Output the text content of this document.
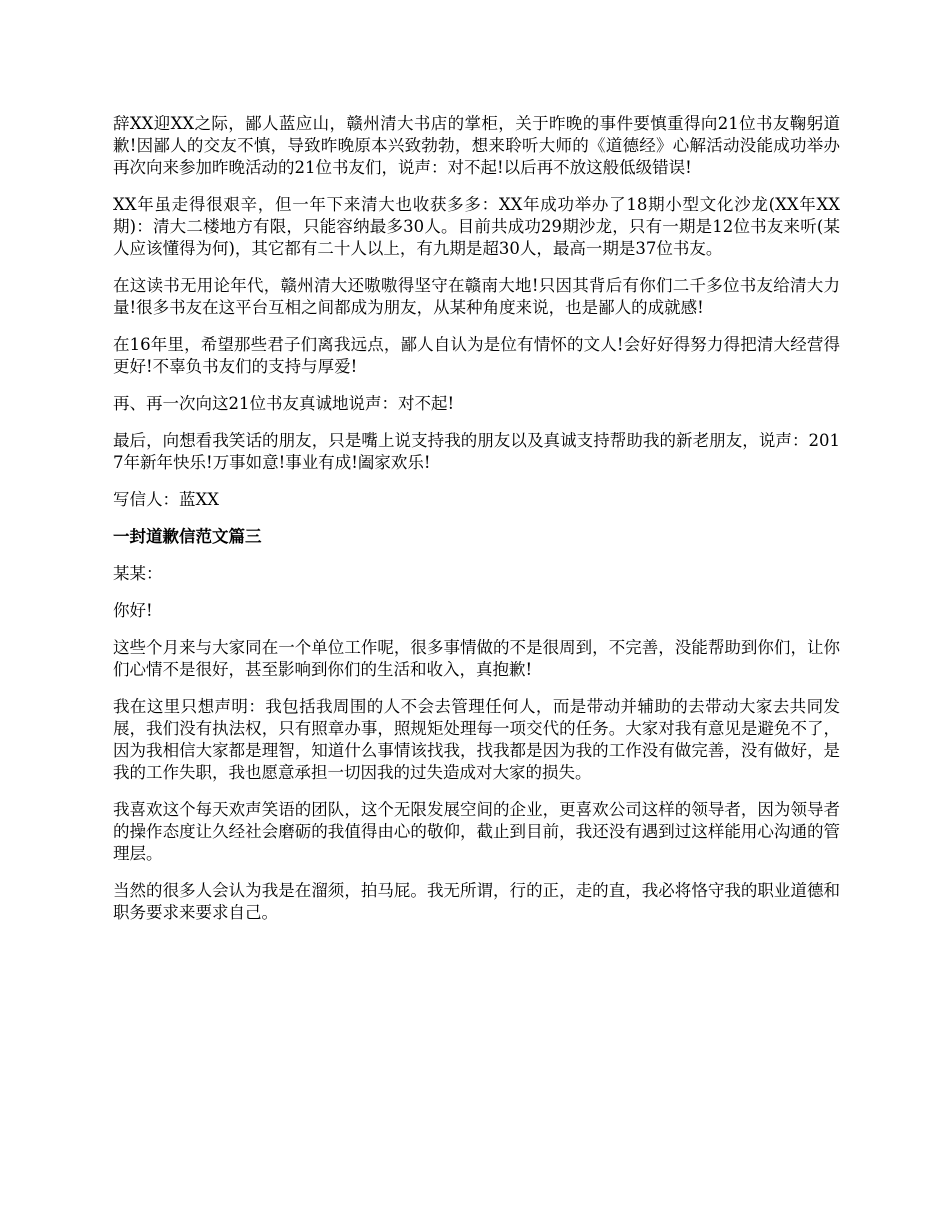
辞XX迎XX之际，鄙人蓝应山，赣州清大书店的掌柜，关于昨晚的事件要慎重得向21位书友鞠躬道歉!因鄙人的交友不慎，导致昨晚原本兴致勃勃，想来聆听大师的《道德经》心解活动没能成功举办再次向来参加昨晚活动的21位书友们，说声：对不起!以后再不放这般低级错误!

XX年虽走得很艰辛，但一年下来清大也收获多多：XX年成功举办了18期小型文化沙龙(XX年XX期)：清大二楼地方有限，只能容纳最多30人。目前共成功29期沙龙，只有一期是12位书友来听(某人应该懂得为何)，其它都有二十人以上，有九期是超30人，最高一期是37位书友。

在这读书无用论年代，赣州清大还嗷嗷得坚守在赣南大地!只因其背后有你们二千多位书友给清大力量!很多书友在这平台互相之间都成为朋友，从某种角度来说，也是鄙人的成就感!

在16年里，希望那些君子们离我远点，鄙人自认为是位有情怀的文人!会好好得努力得把清大经营得更好!不辜负书友们的支持与厚爱!

再、再一次向这21位书友真诚地说声：对不起!

最后，向想看我笑话的朋友，只是嘴上说支持我的朋友以及真诚支持帮助我的新老朋友，说声：2017年新年快乐!万事如意!事业有成!阖家欢乐!

写信人：蓝XX

一封道歉信范文篇三

某某：

你好!

这些个月来与大家同在一个单位工作呢，很多事情做的不是很周到，不完善，没能帮助到你们，让你们心情不是很好，甚至影响到你们的生活和收入，真抱歉!

我在这里只想声明：我包括我周围的人不会去管理任何人，而是带动并辅助的去带动大家去共同发展，我们没有执法权，只有照章办事，照规矩处理每一项交代的任务。大家对我有意见是避免不了，因为我相信大家都是理智，知道什么事情该找我，找我都是因为我的工作没有做完善，没有做好，是我的工作失职，我也愿意承担一切因我的过失造成对大家的损失。

我喜欢这个每天欢声笑语的团队，这个无限发展空间的企业，更喜欢公司这样的领导者，因为领导者的操作态度让久经社会磨砺的我值得由心的敬仰，截止到目前，我还没有遇到过这样能用心沟通的管理层。

当然的很多人会认为我是在溜须，拍马屁。我无所谓，行的正，走的直，我必将恪守我的职业道德和职务要求来要求自己。
